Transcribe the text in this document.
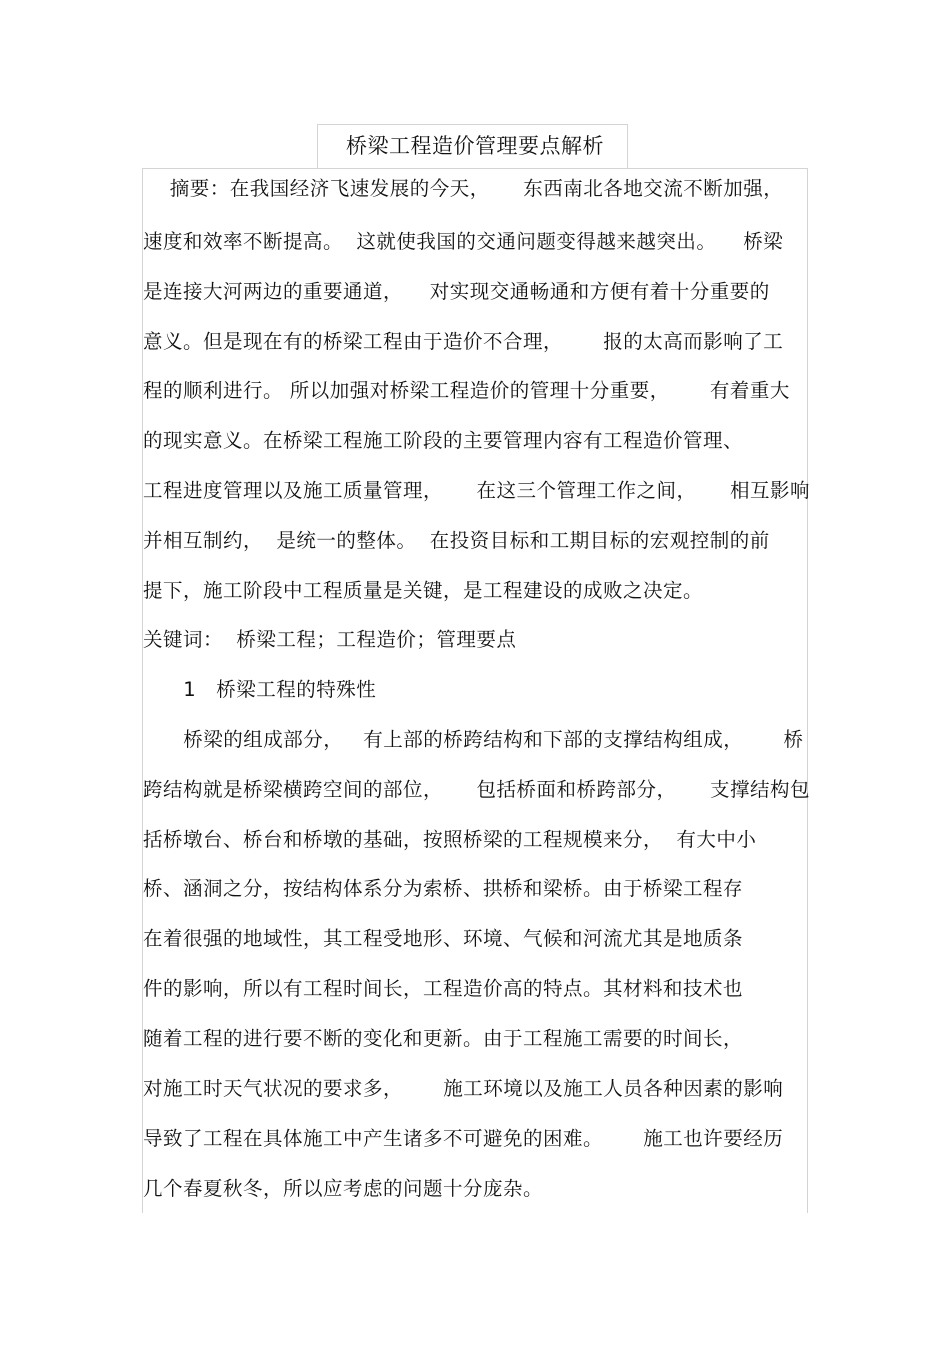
桥梁工程造价管理要点解析
摘要：在我国经济飞速发展的今天，     东西南北各地交流不断加强，
速度和效率不断提高。  这就使我国的交通问题变得越来越突出。    桥梁
是连接大河两边的重要通道，    对实现交通畅通和方便有着十分重要的
意义。但是现在有的桥梁工程由于造价不合理，      报的太高而影响了工
程的顺利进行。 所以加强对桥梁工程造价的管理十分重要，      有着重大
的现实意义。在桥梁工程施工阶段的主要管理内容有工程造价管理、
工程进度管理以及施工质量管理，     在这三个管理工作之间，     相互影响
并相互制约，  是统一的整体。  在投资目标和工期目标的宏观控制的前
提下，施工阶段中工程质量是关键，是工程建设的成败之决定。
关键词：  桥梁工程；工程造价；管理要点
1   桥梁工程的特殊性
桥梁的组成部分，   有上部的桥跨结构和下部的支撑结构组成，      桥
跨结构就是桥梁横跨空间的部位，     包括桥面和桥跨部分，     支撑结构包
括桥墩台、桥台和桥墩的基础，按照桥梁的工程规模来分，  有大中小
桥、涵洞之分，按结构体系分为索桥、拱桥和梁桥。由于桥梁工程存
在着很强的地域性，其工程受地形、环境、气候和河流尤其是地质条
件的影响，所以有工程时间长，工程造价高的特点。其材料和技术也
随着工程的进行要不断的变化和更新。由于工程施工需要的时间长，
对施工时天气状况的要求多，      施工环境以及施工人员各种因素的影响
导致了工程在具体施工中产生诸多不可避免的困难。      施工也许要经历
几个春夏秋冬，所以应考虑的问题十分庞杂。
